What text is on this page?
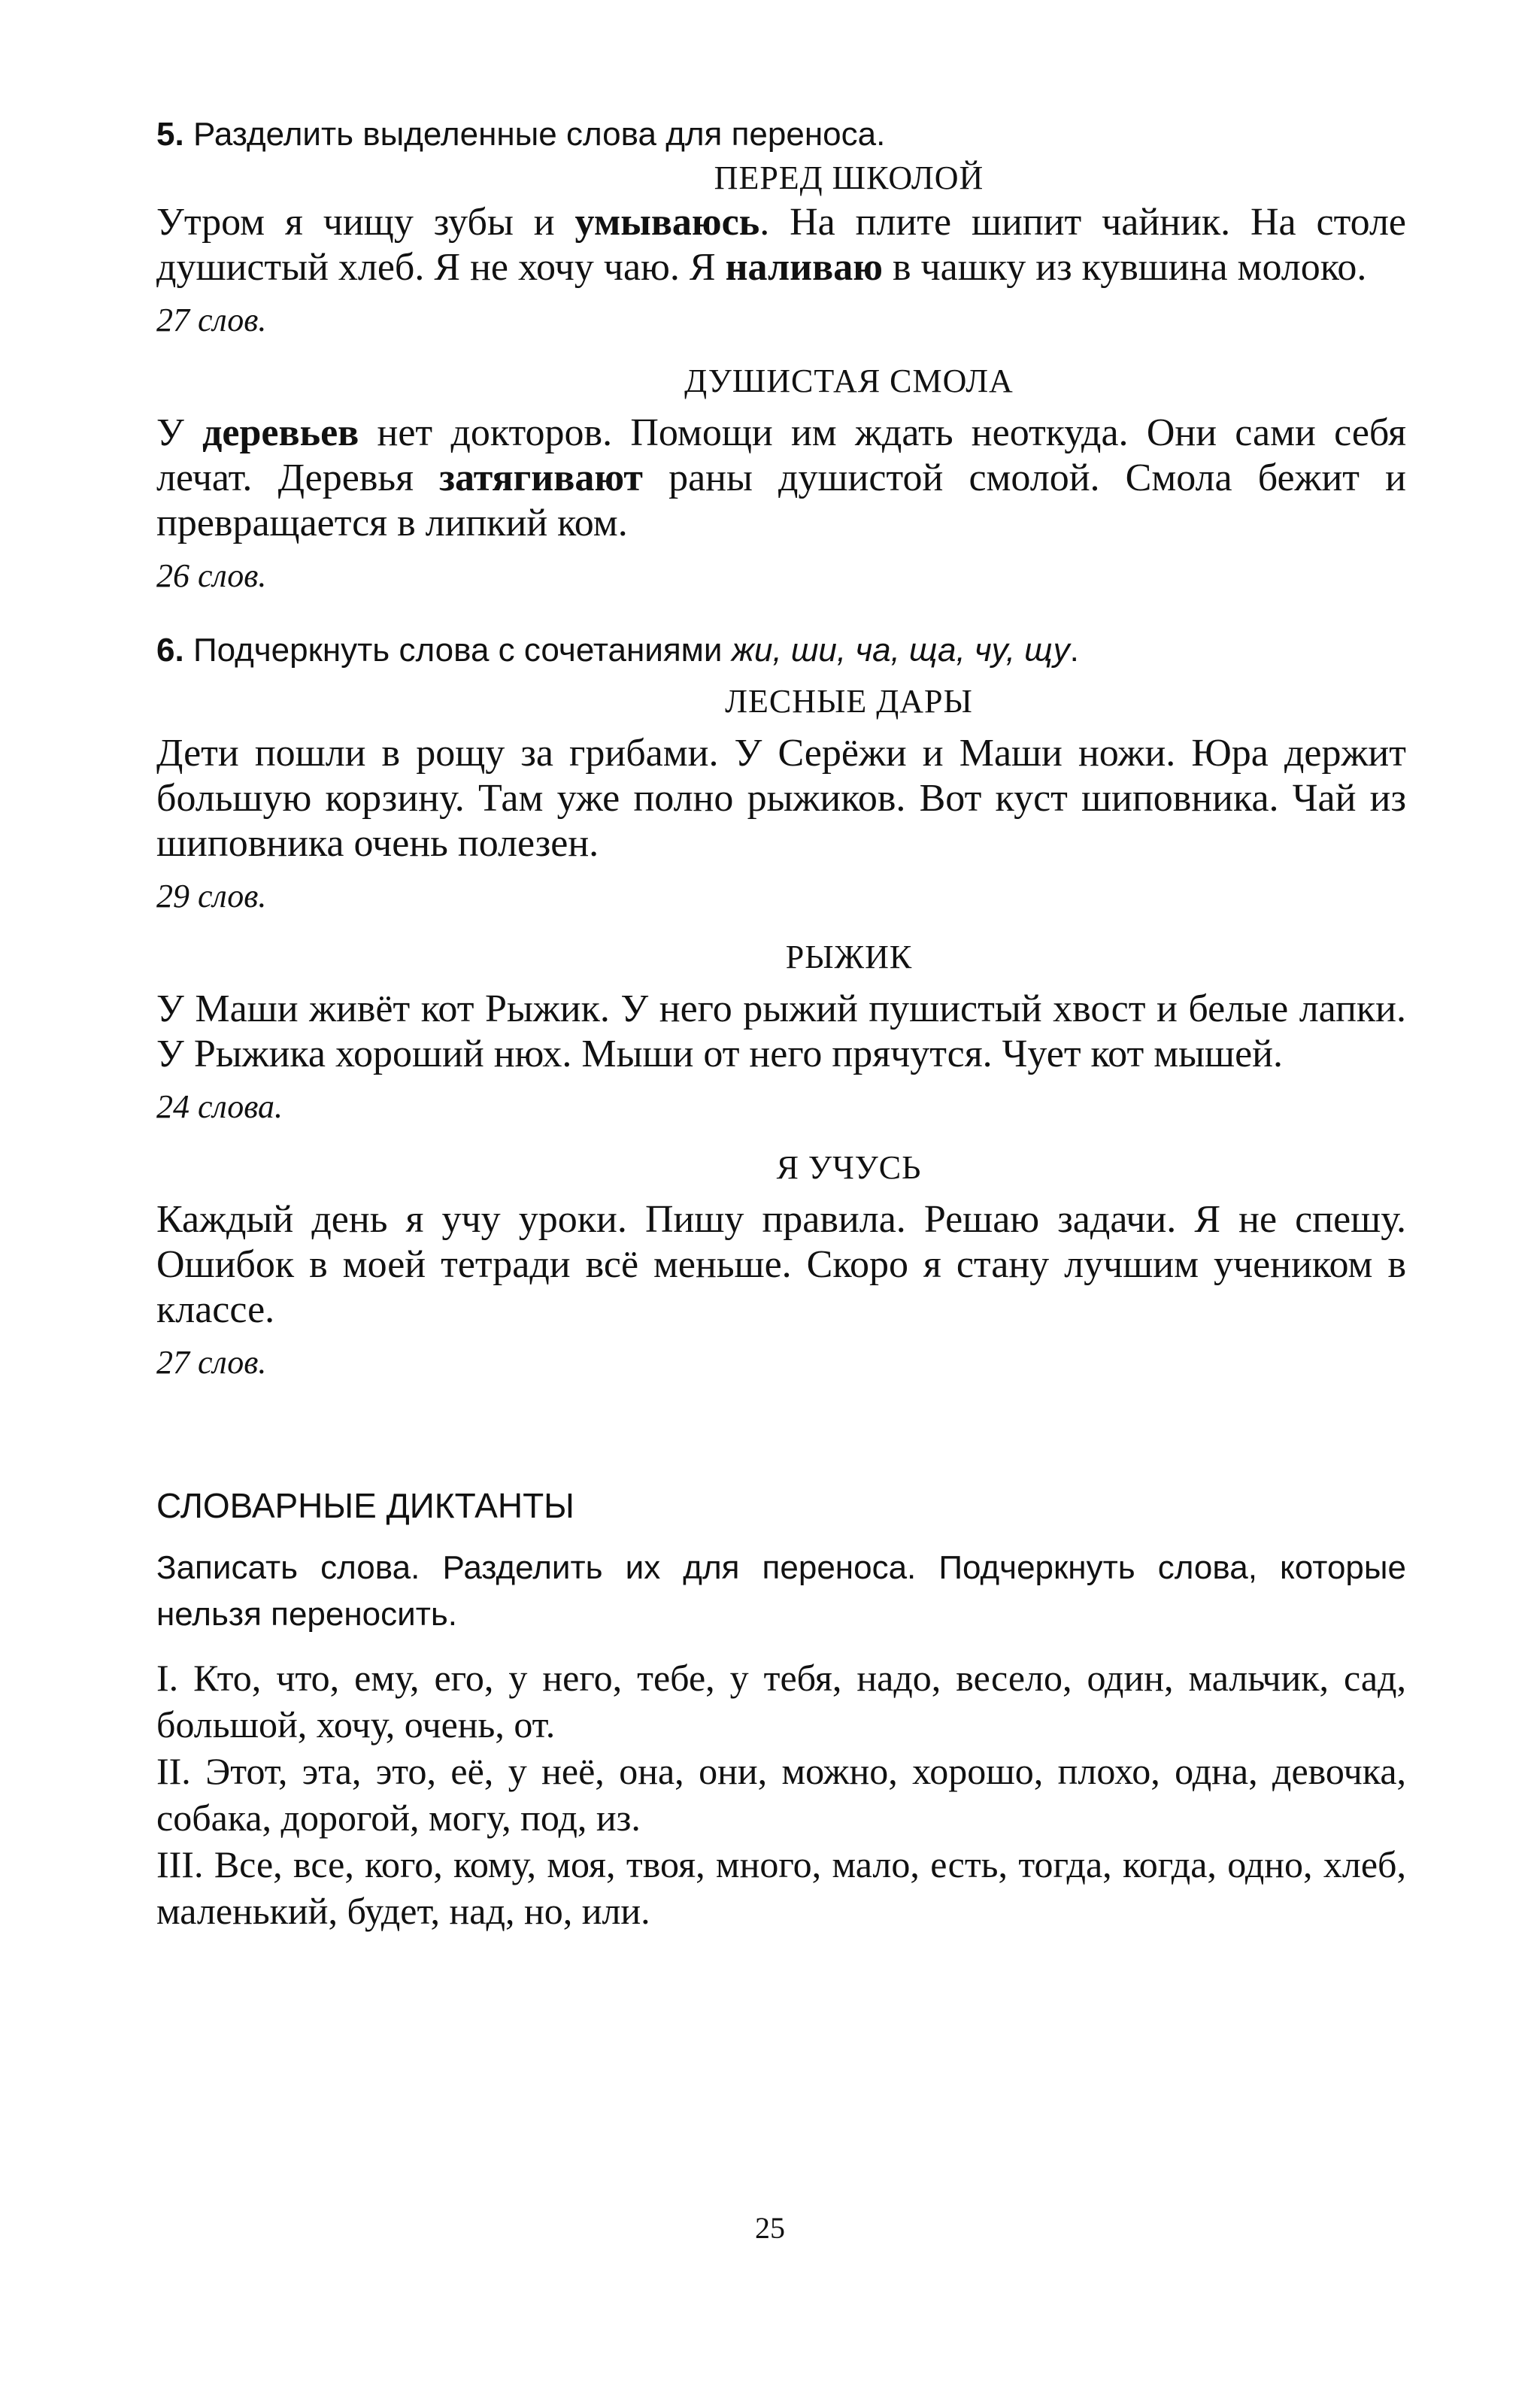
5. Разделить выделенные слова для переноса.

ПЕРЕД ШКОЛОЙ

Утром я чищу зубы и умываюсь. На плите шипит чайник. На столе душистый хлеб. Я не хочу чаю. Я наливаю в чашку из кувшина молоко.

27 слов.

ДУШИСТАЯ СМОЛА

У деревьев нет докторов. Помощи им ждать неоткуда. Они сами себя лечат. Деревья затягивают раны душистой смолой. Смола бежит и превращается в липкий ком.

26 слов.

6. Подчеркнуть слова с сочетаниями жи, ши, ча, ща, чу, щу.

ЛЕСНЫЕ ДАРЫ

Дети пошли в рощу за грибами. У Серёжи и Маши ножи. Юра держит большую корзину. Там уже полно рыжиков. Вот куст шиповника. Чай из шиповника очень полезен.

29 слов.

РЫЖИК

У Маши живёт кот Рыжик. У него рыжий пушистый хвост и белые лапки. У Рыжика хороший нюх. Мыши от него прячутся. Чует кот мышей.

24 слова.

Я УЧУСЬ

Каждый день я учу уроки. Пишу правила. Решаю задачи. Я не спешу. Ошибок в моей тетради всё меньше. Скоро я стану лучшим учеником в классе.

27 слов.

СЛОВАРНЫЕ ДИКТАНТЫ

Записать слова. Разделить их для переноса. Подчеркнуть слова, которые нельзя переносить.

I. Кто, что, ему, его, у него, тебе, у тебя, надо, весело, один, мальчик, сад, большой, хочу, очень, от.

II. Этот, эта, это, её, у неё, она, они, можно, хорошо, плохо, одна, девочка, собака, дорогой, могу, под, из.

III. Все, все, кого, кому, моя, твоя, много, мало, есть, тогда, когда, одно, хлеб, маленький, будет, над, но, или.

25
